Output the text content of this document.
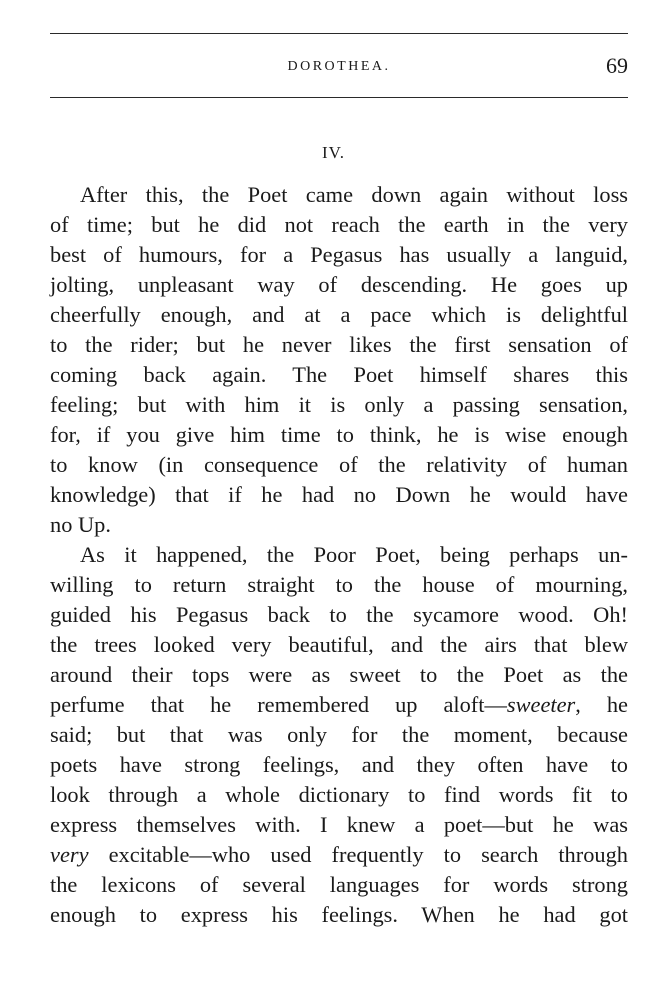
DOROTHEA.	69
IV.
After this, the Poet came down again without loss
of time; but he did not reach the earth in the very
best of humours, for a Pegasus has usually a languid,
jolting, unpleasant way of descending. He goes up
cheerfully enough, and at a pace which is delightful
to the rider; but he never likes the first sensation of
coming back again. The Poet himself shares this
feeling; but with him it is only a passing sensation,
for, if you give him time to think, he is wise enough
to know (in consequence of the relativity of human
knowledge) that if he had no Down he would have
no Up.
As it happened, the Poor Poet, being perhaps un-
willing to return straight to the house of mourning,
guided his Pegasus back to the sycamore wood. Oh!
the trees looked very beautiful, and the airs that blew
around their tops were as sweet to the Poet as the
perfume that he remembered up aloft—sweeter, he
said; but that was only for the moment, because
poets have strong feelings, and they often have to
look through a whole dictionary to find words fit to
express themselves with. I knew a poet—but he was
very excitable—who used frequently to search through
the lexicons of several languages for words strong
enough to express his feelings. When he had got
